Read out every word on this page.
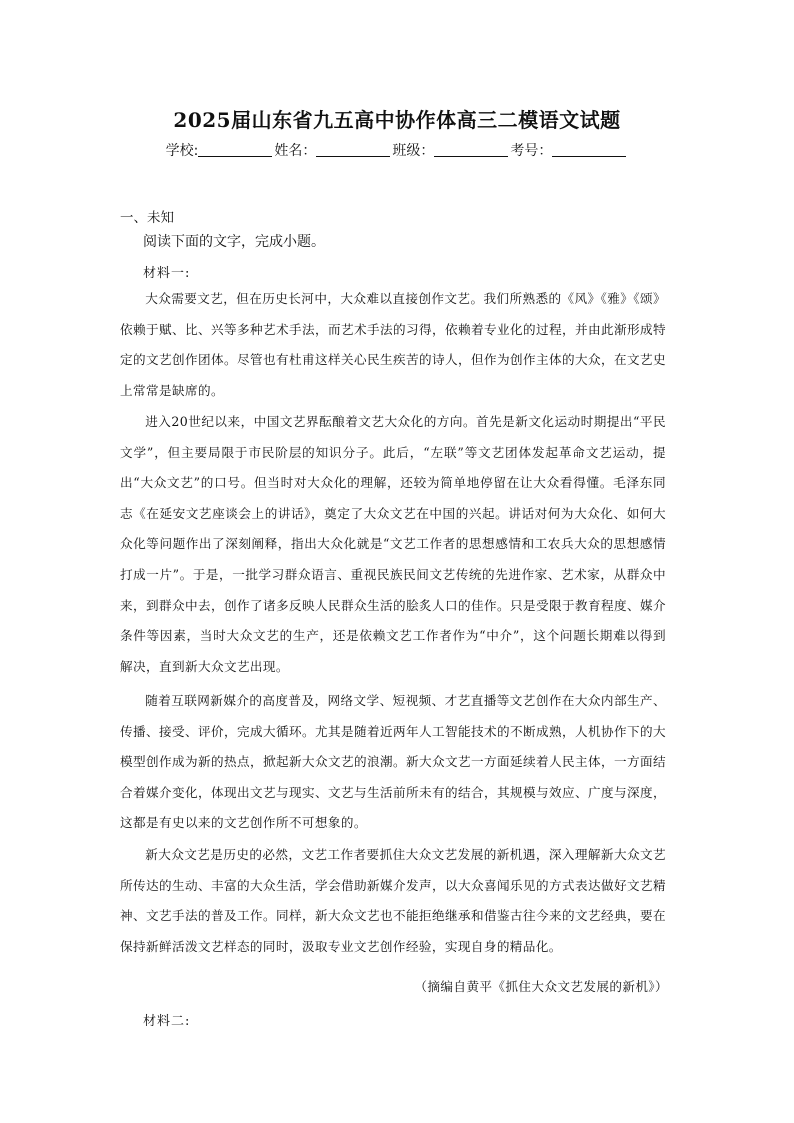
2025届山东省九五高中协作体高三二模语文试题
学校:	姓名：	班级：	考号：
一、未知
阅读下面的文字，完成小题。
材料一:
大众需要文艺，但在历史长河中，大众难以直接创作文艺。我们所熟悉的《风》《雅》《颂》依赖于赋、比、兴等多种艺术手法，而艺术手法的习得，依赖着专业化的过程，并由此渐形成特定的文艺创作团体。尽管也有杜甫这样关心民生疾苦的诗人，但作为创作主体的大众，在文艺史上常常是缺席的。
进入20世纪以来，中国文艺界酝酿着文艺大众化的方向。首先是新文化运动时期提出“平民文学”，但主要局限于市民阶层的知识分子。此后，“左联”等文艺团体发起革命文艺运动，提出“大众文艺”的口号。但当时对大众化的理解，还较为简单地停留在让大众看得懂。毛泽东同志《在延安文艺座谈会上的讲话》，奠定了大众文艺在中国的兴起。讲话对何为大众化、如何大众化等问题作出了深刻阐释，指出大众化就是“文艺工作者的思想感情和工农兵大众的思想感情打成一片”。于是，一批学习群众语言、重视民族民间文艺传统的先进作家、艺术家，从群众中来，到群众中去，创作了诸多反映人民群众生活的脍炙人口的佳作。只是受限于教育程度、媒介条件等因素，当时大众文艺的生产，还是依赖文艺工作者作为“中介”，这个问题长期难以得到解决，直到新大众文艺出现。
随着互联网新媒介的高度普及，网络文学、短视频、才艺直播等文艺创作在大众内部生产、传播、接受、评价，完成大循环。尤其是随着近两年人工智能技术的不断成熟，人机协作下的大模型创作成为新的热点，掀起新大众文艺的浪潮。新大众文艺一方面延续着人民主体，一方面结合着媒介变化，体现出文艺与现实、文艺与生活前所未有的结合，其规模与效应、广度与深度，这都是有史以来的文艺创作所不可想象的。
新大众文艺是历史的必然，文艺工作者要抓住大众文艺发展的新机遇，深入理解新大众文艺所传达的生动、丰富的大众生活，学会借助新媒介发声，以大众喜闻乐见的方式表达做好文艺精神、文艺手法的普及工作。同样，新大众文艺也不能拒绝继承和借鉴古往今来的文艺经典，要在保持新鲜活泼文艺样态的同时，汲取专业文艺创作经验，实现自身的精品化。
（摘编自黄平《抓住大众文艺发展的新机》）
材料二:
